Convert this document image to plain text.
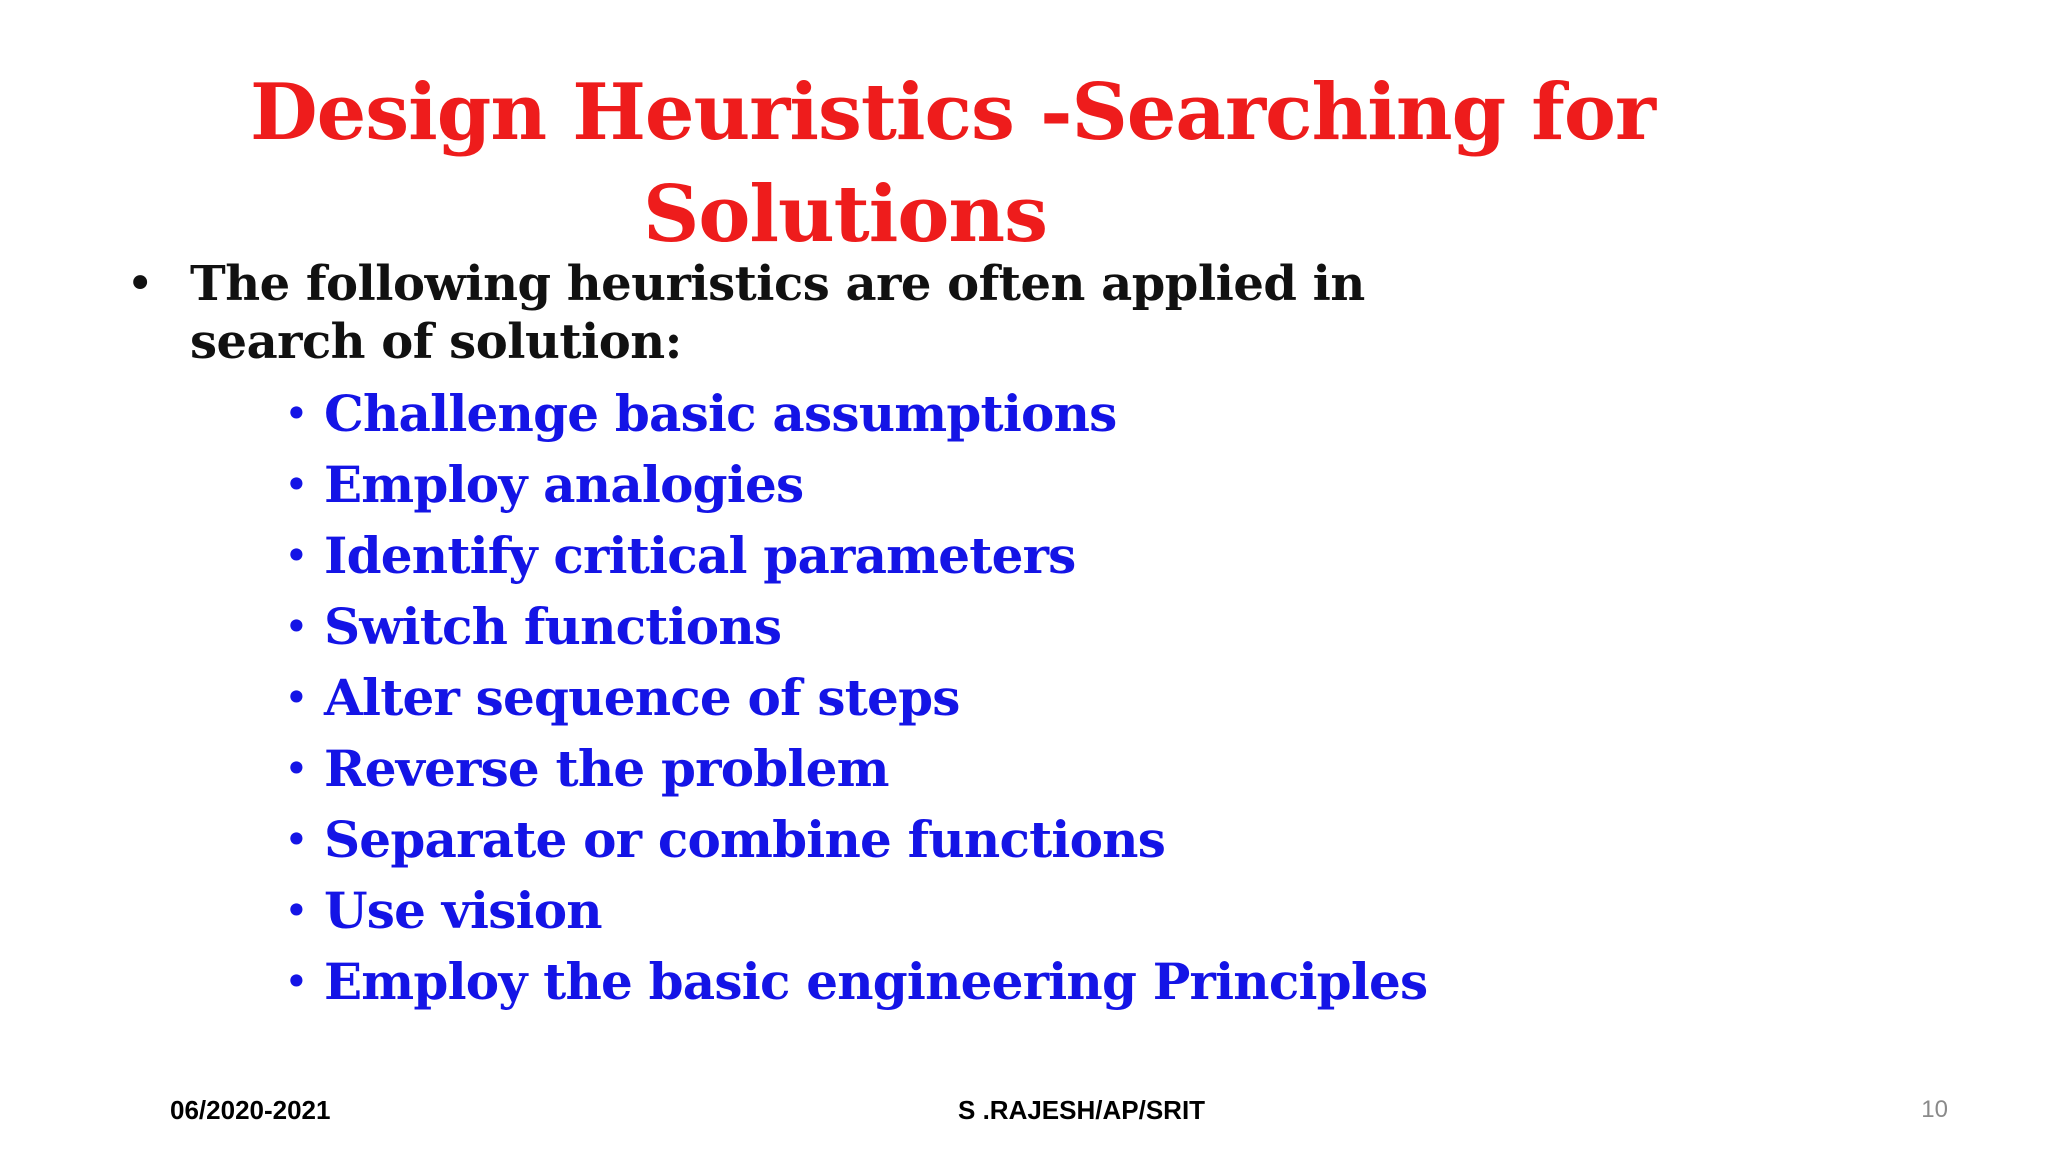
Design Heuristics -Searching for
Solutions
• The following heuristics are often applied in search of solution:
• Challenge basic assumptions
• Employ analogies
• Identify critical parameters
• Switch functions
• Alter sequence of steps
• Reverse the problem
• Separate or combine functions
• Use vision
• Employ the basic engineering Principles
06/2020-2021	S .RAJESH/AP/SRIT	10
